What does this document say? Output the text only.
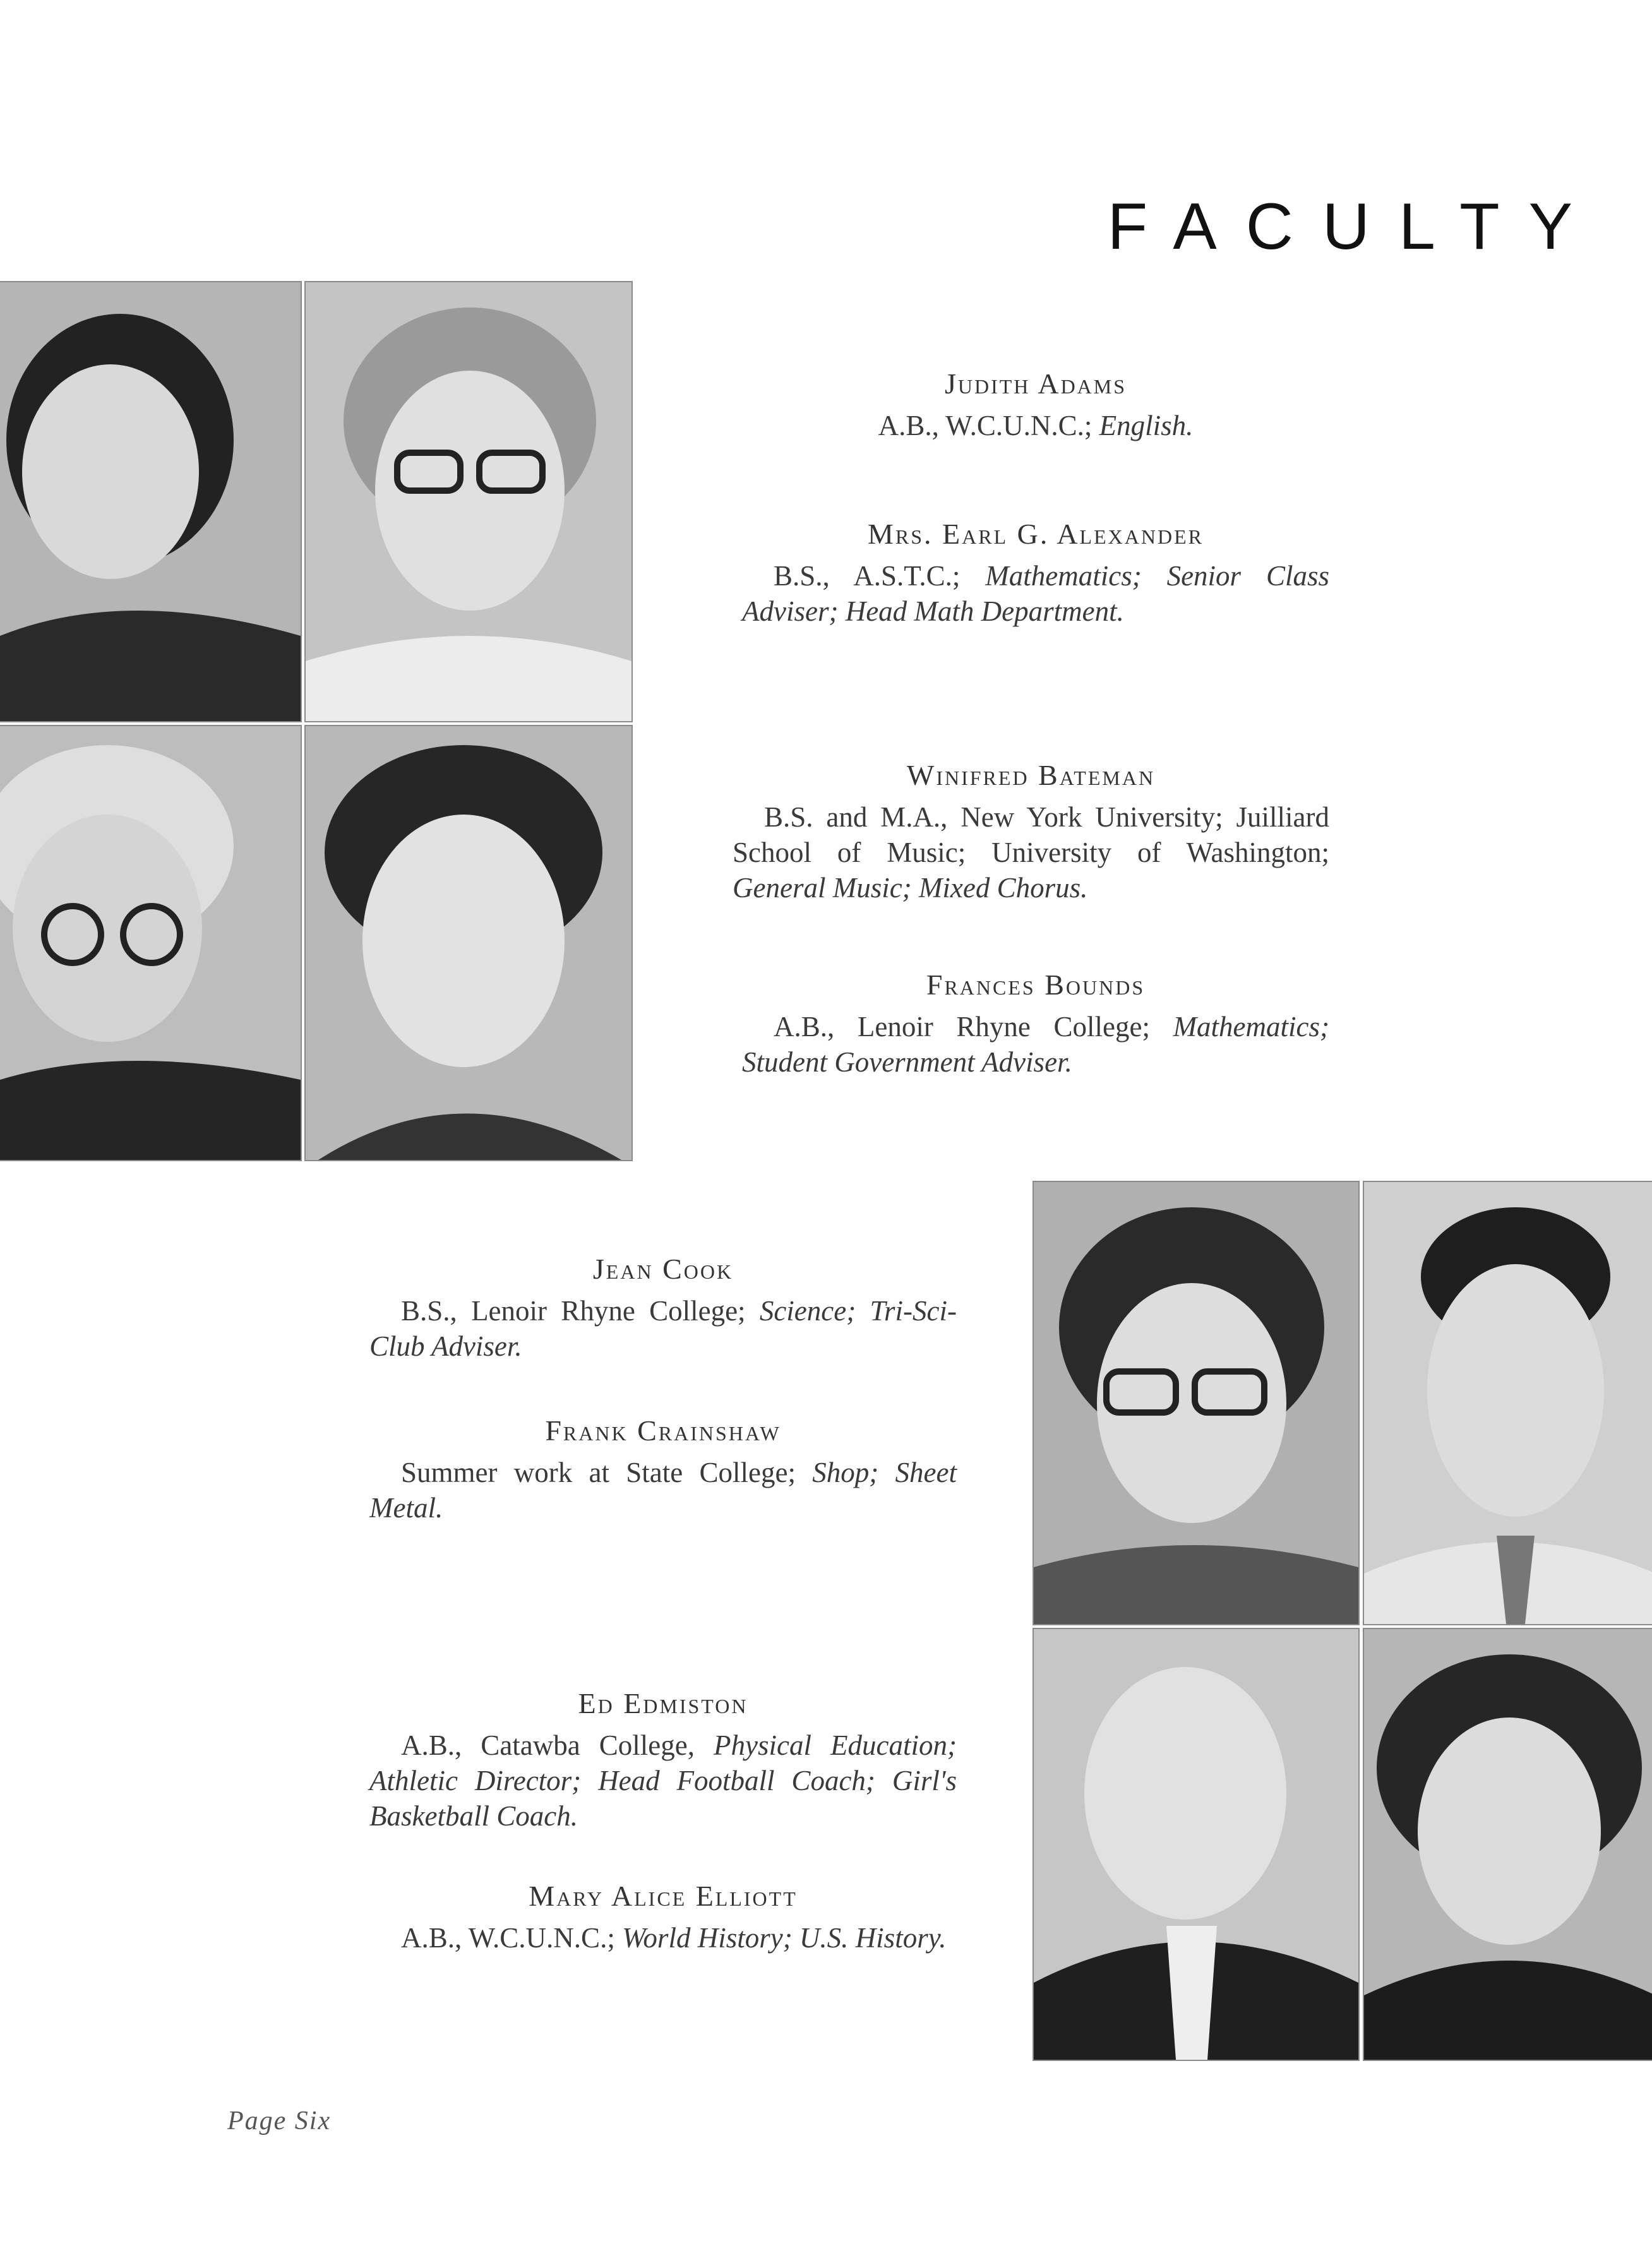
FACULTY
Judith Adams
A.B., W.C.U.N.C.; English.
Mrs. Earl G. Alexander
B.S., A.S.T.C.; Mathematics; Senior Class Adviser; Head Math Department.
Winifred Bateman
B.S. and M.A., New York University; Juilliard School of Music; University of Washington; General Music; Mixed Chorus.
Frances Bounds
A.B., Lenoir Rhyne College; Mathematics; Student Government Adviser.
Jean Cook
B.S., Lenoir Rhyne College; Science; Tri-Sci-Club Adviser.
Frank Crainshaw
Summer work at State College; Shop; Sheet Metal.
Ed Edmiston
A.B., Catawba College, Physical Education; Athletic Director; Head Football Coach; Girl's Basketball Coach.
Mary Alice Elliott
A.B., W.C.U.N.C.; World History; U.S. History.
Page Six
